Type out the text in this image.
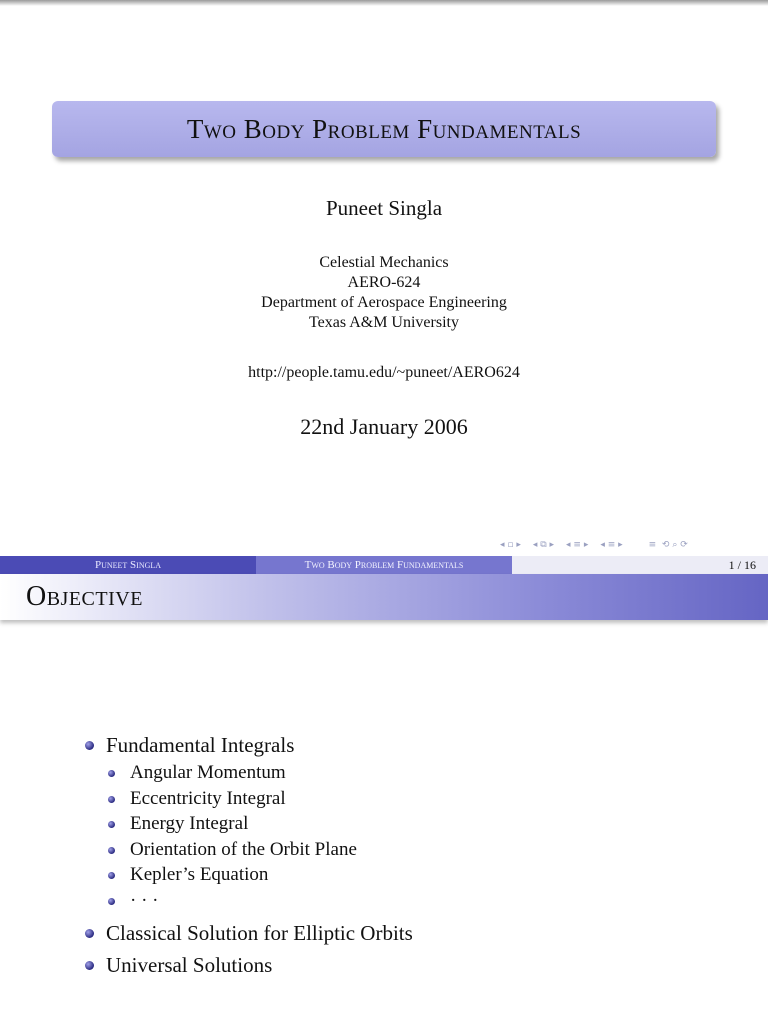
Two Body Problem Fundamentals
Puneet Singla
Celestial Mechanics
AERO-624
Department of Aerospace Engineering
Texas A&M University
http://people.tamu.edu/~puneet/AERO624
22nd January 2006
◂ ▫ ▸ ◂ ⧉ ▸ ◂ ≡ ▸ ◂ ≡ ▸	≡  ⟲ ⌕ ⟳
Puneet Singla	Two Body Problem Fundamentals	1 / 16
Objective
Fundamental Integrals
Angular Momentum
Eccentricity Integral
Energy Integral
Orientation of the Orbit Plane
Kepler’s Equation
· · ·
Classical Solution for Elliptic Orbits
Universal Solutions
